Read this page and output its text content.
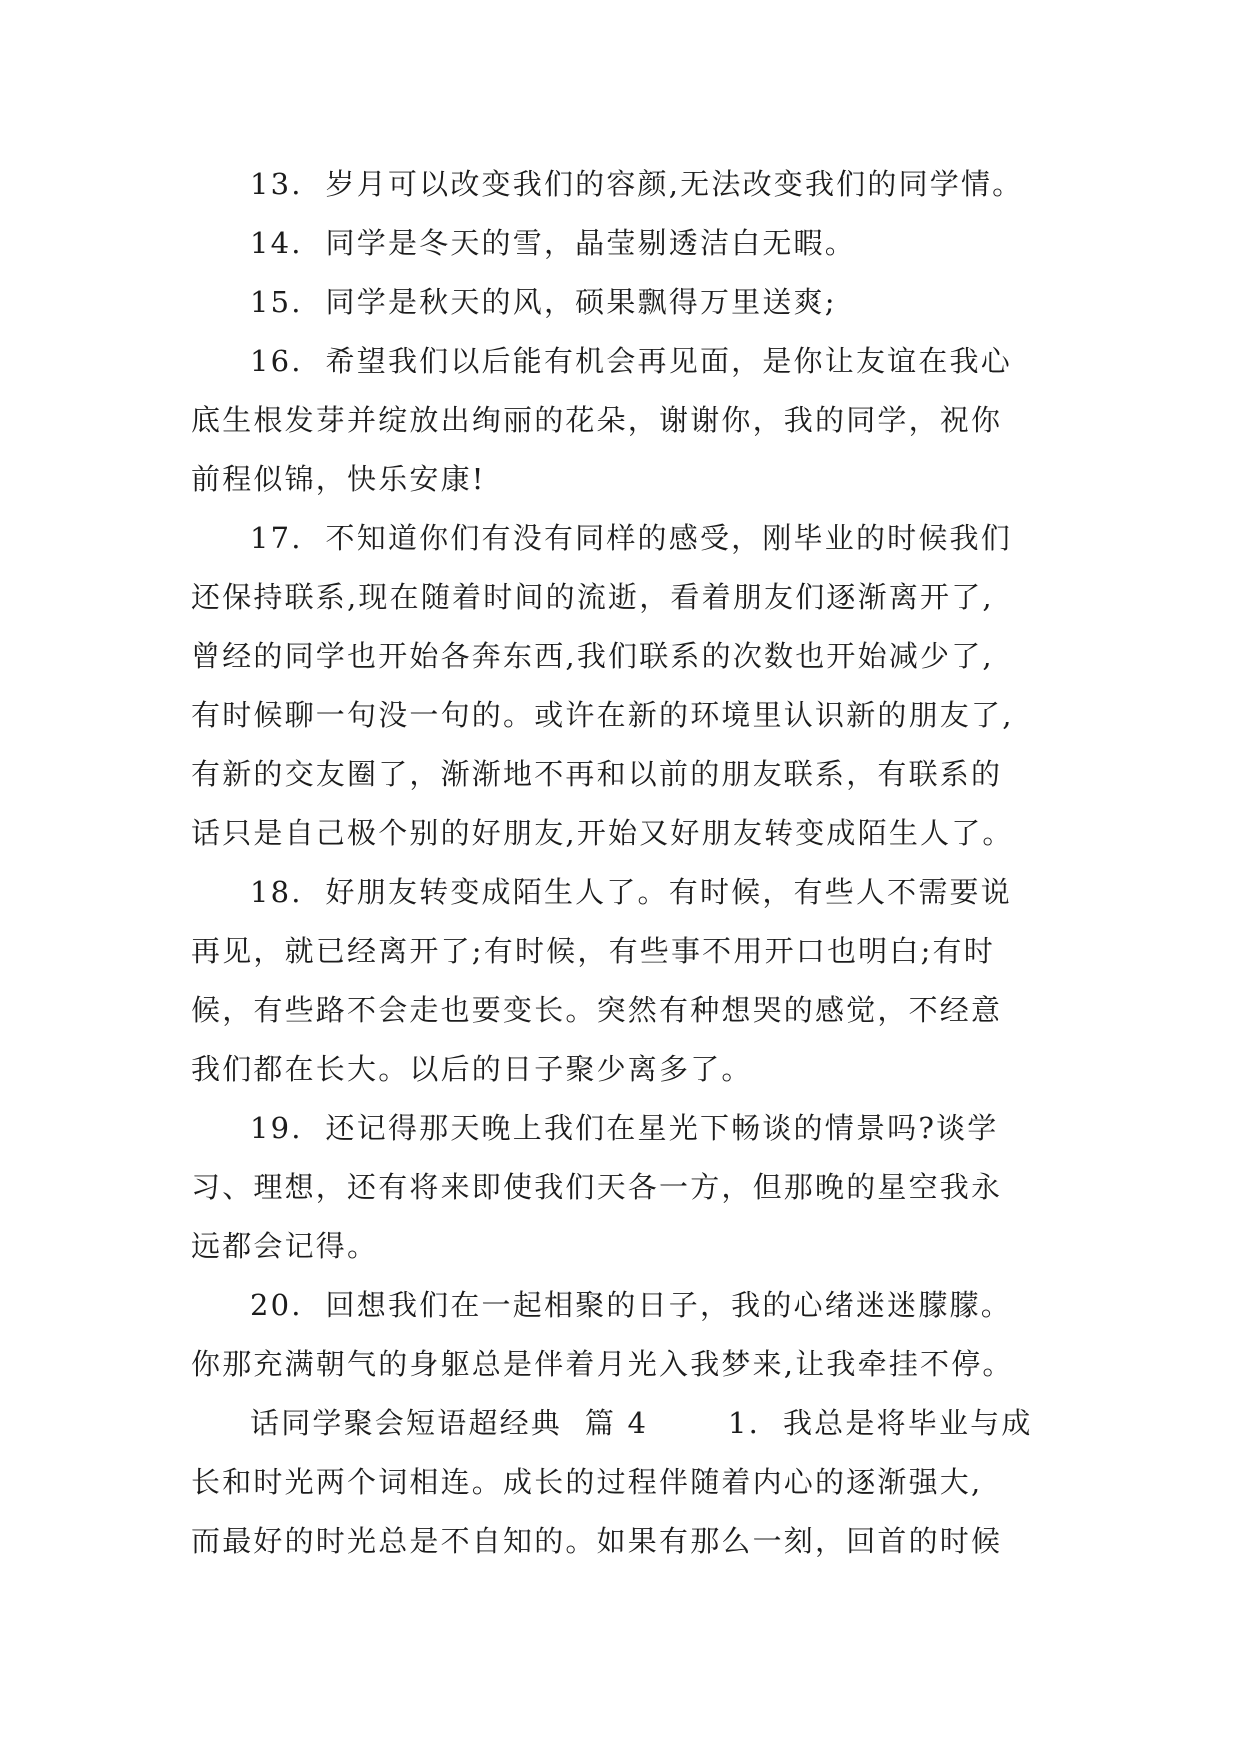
13.  岁月可以改变我们的容颜,无法改变我们的同学情。
14.  同学是冬天的雪，晶莹剔透洁白无暇。
15.  同学是秋天的风，硕果飘得万里送爽;
16.  希望我们以后能有机会再见面，是你让友谊在我心
底生根发芽并绽放出绚丽的花朵，谢谢你，我的同学，祝你
前程似锦，快乐安康!
17.  不知道你们有没有同样的感受，刚毕业的时候我们
还保持联系,现在随着时间的流逝，看着朋友们逐渐离开了,
曾经的同学也开始各奔东西,我们联系的次数也开始减少了,
有时候聊一句没一句的。或许在新的环境里认识新的朋友了,
有新的交友圈了，渐渐地不再和以前的朋友联系，有联系的
话只是自己极个别的好朋友,开始又好朋友转变成陌生人了。
18.  好朋友转变成陌生人了。有时候，有些人不需要说
再见，就已经离开了;有时候，有些事不用开口也明白;有时
候，有些路不会走也要变长。突然有种想哭的感觉，不经意
我们都在长大。以后的日子聚少离多了。
19.  还记得那天晚上我们在星光下畅谈的情景吗?谈学
习、理想，还有将来即使我们天各一方，但那晚的星空我永
远都会记得。
20.  回想我们在一起相聚的日子，我的心绪迷迷朦朦。
你那充满朝气的身躯总是伴着月光入我梦来,让我牵挂不停。
话同学聚会短语超经典  篇 4       1.  我总是将毕业与成
长和时光两个词相连。成长的过程伴随着内心的逐渐强大,
而最好的时光总是不自知的。如果有那么一刻，回首的时候
